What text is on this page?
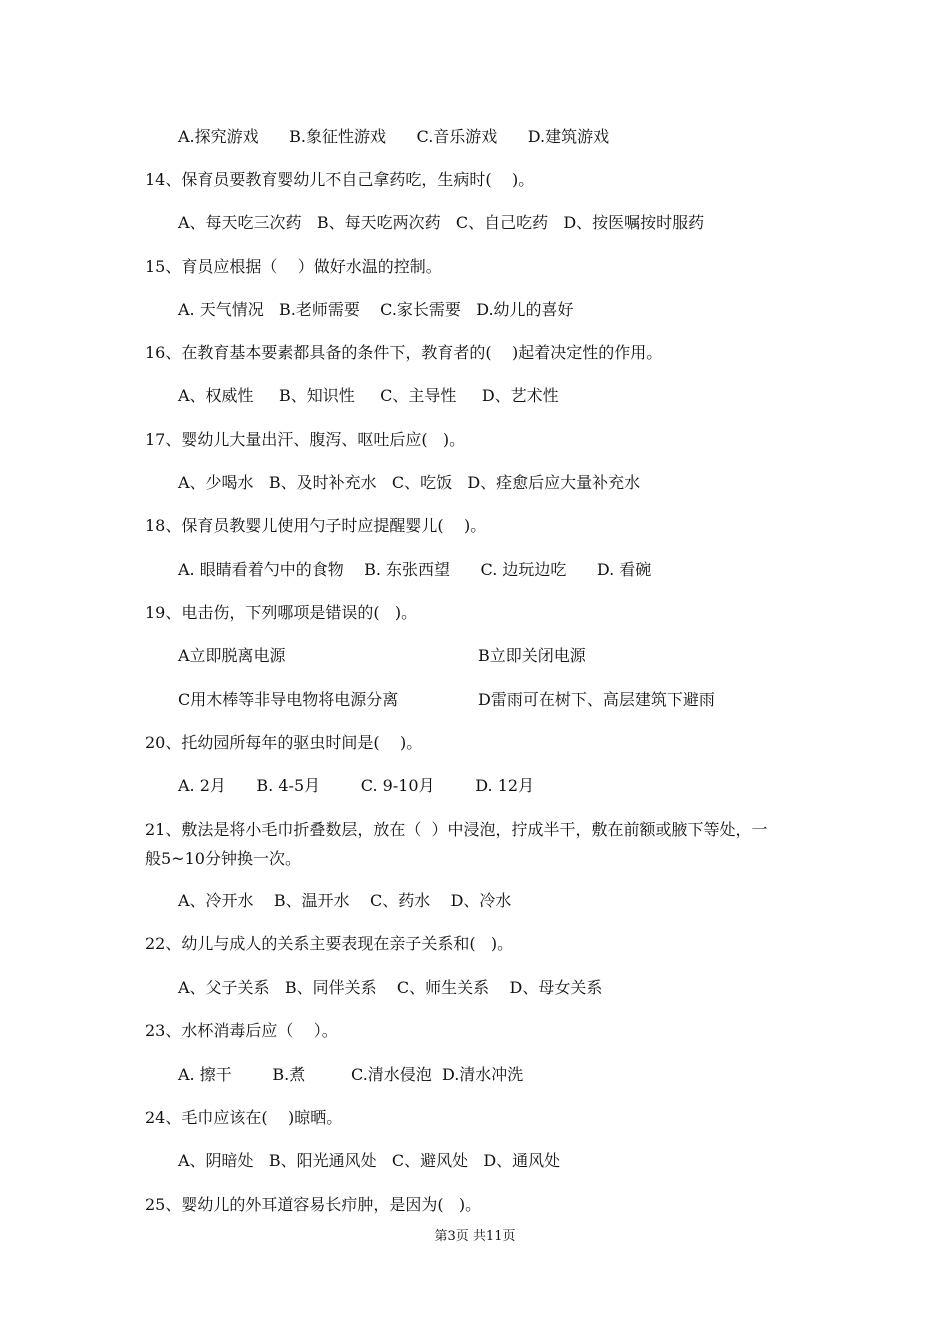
A.探究游戏      B.象征性游戏      C.音乐游戏      D.建筑游戏

14、保育员要教育婴幼儿不自己拿药吃，生病时(    )。

A、每天吃三次药   B、每天吃两次药   C、自己吃药   D、按医嘱按时服药

15、育员应根据（    ）做好水温的控制。

A. 天气情况   B.老师需要    C.家长需要   D.幼儿的喜好

16、在教育基本要素都具备的条件下，教育者的(    )起着决定性的作用。

A、权威性     B、知识性     C、主导性     D、艺术性

17、婴幼儿大量出汗、腹泻、呕吐后应(   )。

A、少喝水   B、及时补充水   C、吃饭   D、痊愈后应大量补充水

18、保育员教婴儿使用勺子时应提醒婴儿(    )。

A. 眼睛看着勺中的食物    B. 东张西望      C. 边玩边吃      D. 看碗

19、电击伤，下列哪项是错误的(   )。

A立即脱离电源	B立即关闭电源

C用木棒等非导电物将电源分离	D雷雨可在树下、高层建筑下避雨

20、托幼园所每年的驱虫时间是(    )。

A. 2月      B. 4-5月        C. 9-10月        D. 12月

21、敷法是将小毛巾折叠数层，放在（  ）中浸泡，拧成半干，敷在前额或腋下等处，一

般5~10分钟换一次。

A、冷开水    B、温开水    C、药水    D、冷水

22、幼儿与成人的关系主要表现在亲子关系和(   )。

A、父子关系   B、同伴关系    C、师生关系    D、母女关系

23、水杯消毒后应（    ）。

A. 擦干        B.煮         C.清水侵泡  D.清水冲洗

24、毛巾应该在(    )晾晒。

A、阴暗处   B、阳光通风处   C、避风处   D、通风处

25、婴幼儿的外耳道容易长疖肿，是因为(   )。

第3页 共11页
